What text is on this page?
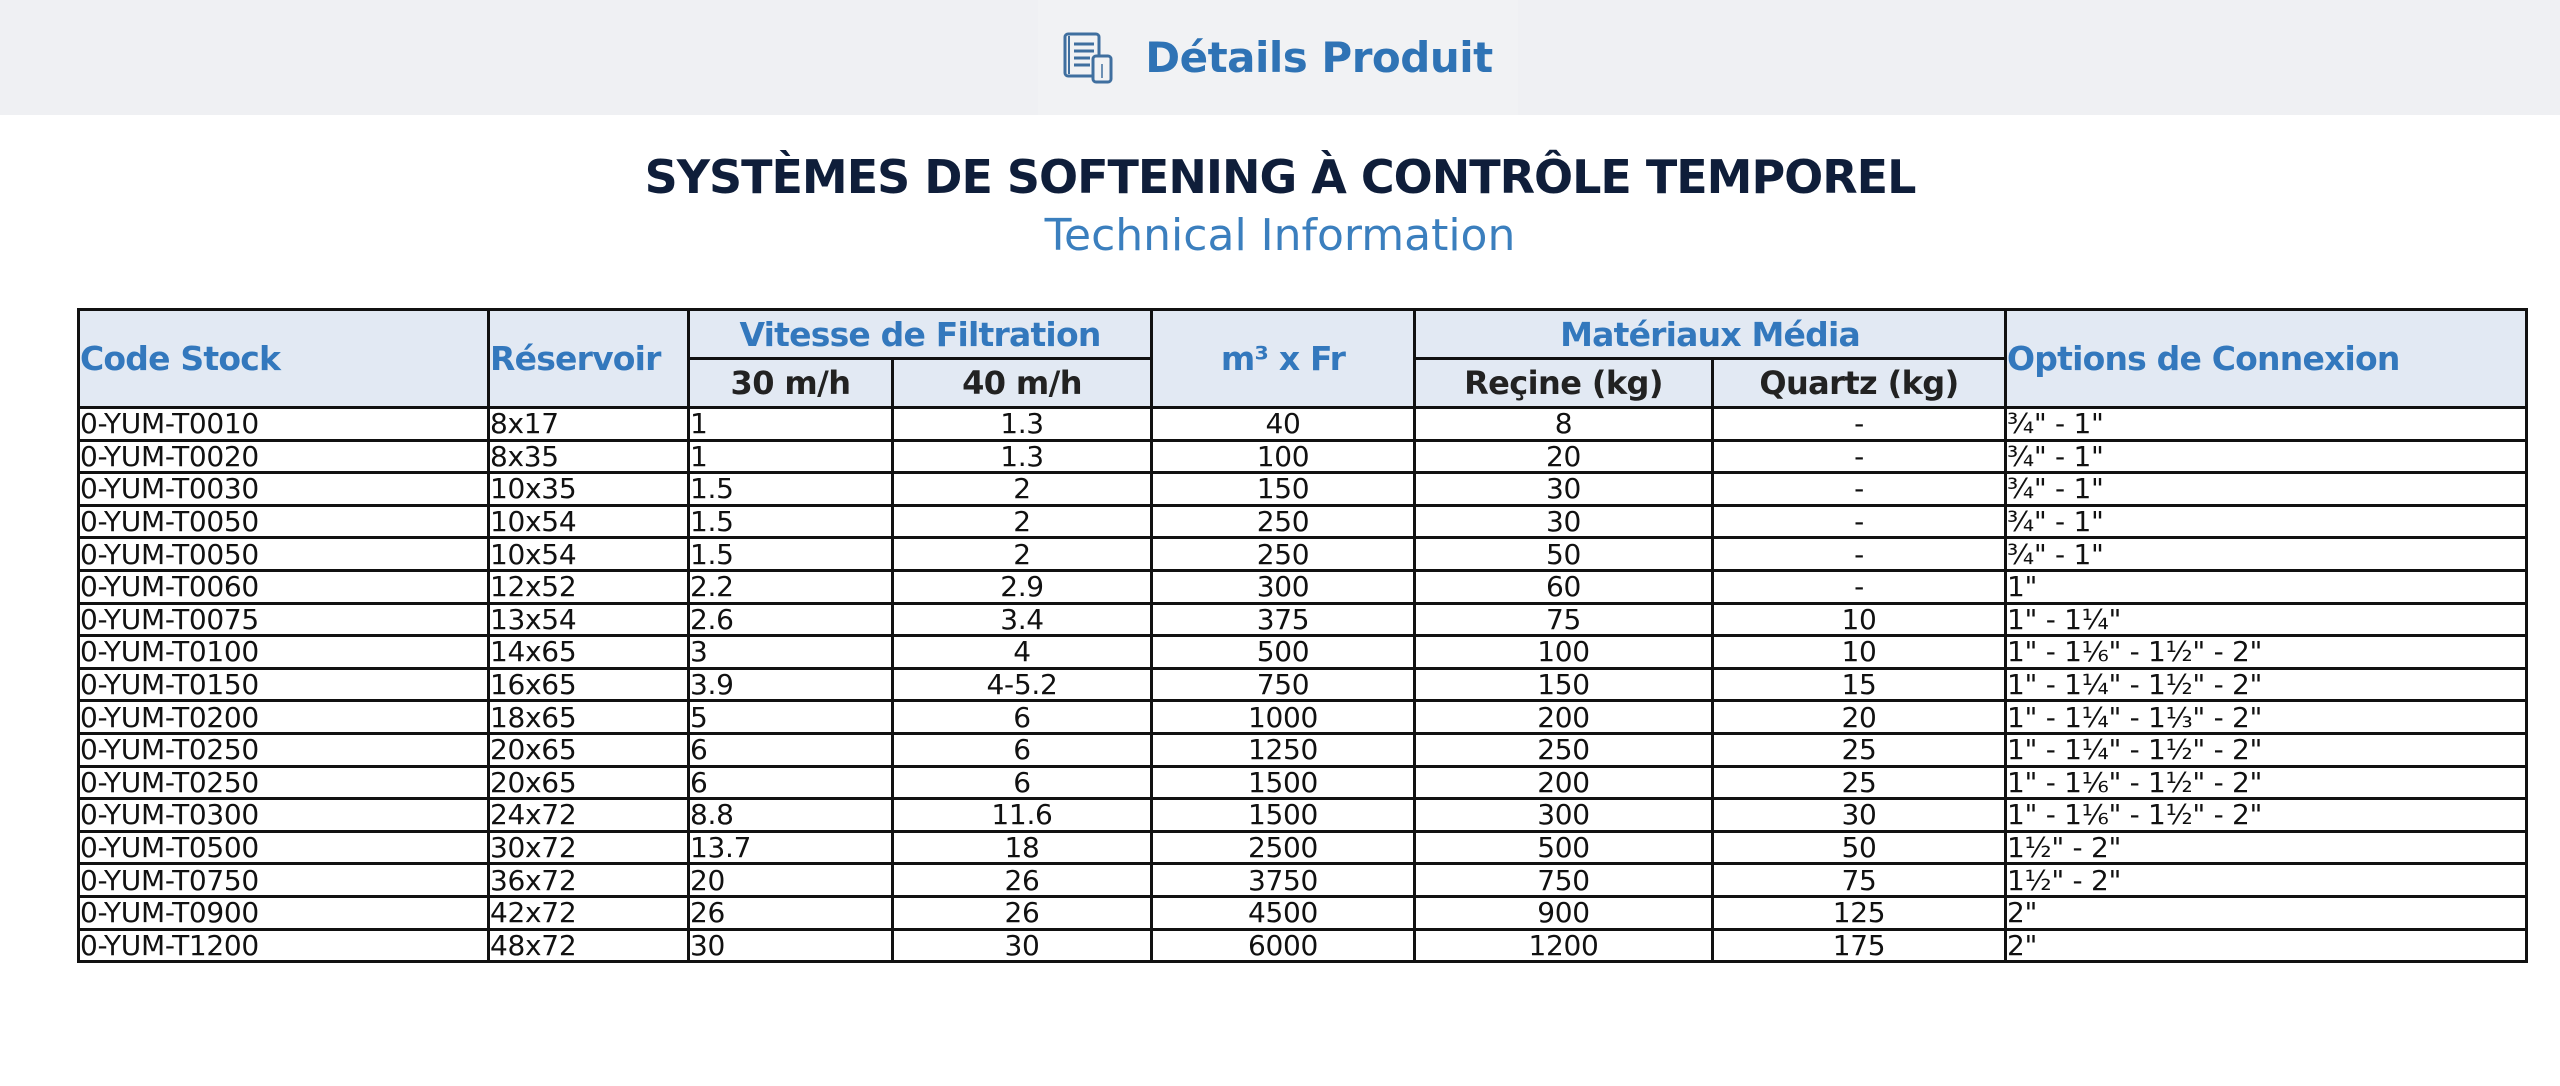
Détails Produit
SYSTÈMES DE SOFTENING À CONTRÔLE TEMPOREL
Technical Information
Code Stock	Réservoir	Vitesse de Filtration		m³ x Fr	Matériaux Média		Options de Connexion
		30 m/h	40 m/h		Reçine (kg)	Quartz (kg)	
0-YUM-T0010	8x17	1	1.3	40	8	-	¾" - 1"
0-YUM-T0020	8x35	1	1.3	100	20	-	¾" - 1"
0-YUM-T0030	10x35	1.5	2	150	30	-	¾" - 1"
0-YUM-T0050	10x54	1.5	2	250	30	-	¾" - 1"
0-YUM-T0050	10x54	1.5	2	250	50	-	¾" - 1"
0-YUM-T0060	12x52	2.2	2.9	300	60	-	1"
0-YUM-T0075	13x54	2.6	3.4	375	75	10	1" - 1¼"
0-YUM-T0100	14x65	3	4	500	100	10	1" - 1⅙" - 1½" - 2"
0-YUM-T0150	16x65	3.9	4-5.2	750	150	15	1" - 1¼" - 1½" - 2"
0-YUM-T0200	18x65	5	6	1000	200	20	1" - 1¼" - 1⅓" - 2"
0-YUM-T0250	20x65	6	6	1250	250	25	1" - 1¼" - 1½" - 2"
0-YUM-T0250	20x65	6	6	1500	200	25	1" - 1⅙" - 1½" - 2"
0-YUM-T0300	24x72	8.8	11.6	1500	300	30	1" - 1⅙" - 1½" - 2"
0-YUM-T0500	30x72	13.7	18	2500	500	50	1½" - 2"
0-YUM-T0750	36x72	20	26	3750	750	75	1½" - 2"
0-YUM-T0900	42x72	26	26	4500	900	125	2"
0-YUM-T1200	48x72	30	30	6000	1200	175	2"
